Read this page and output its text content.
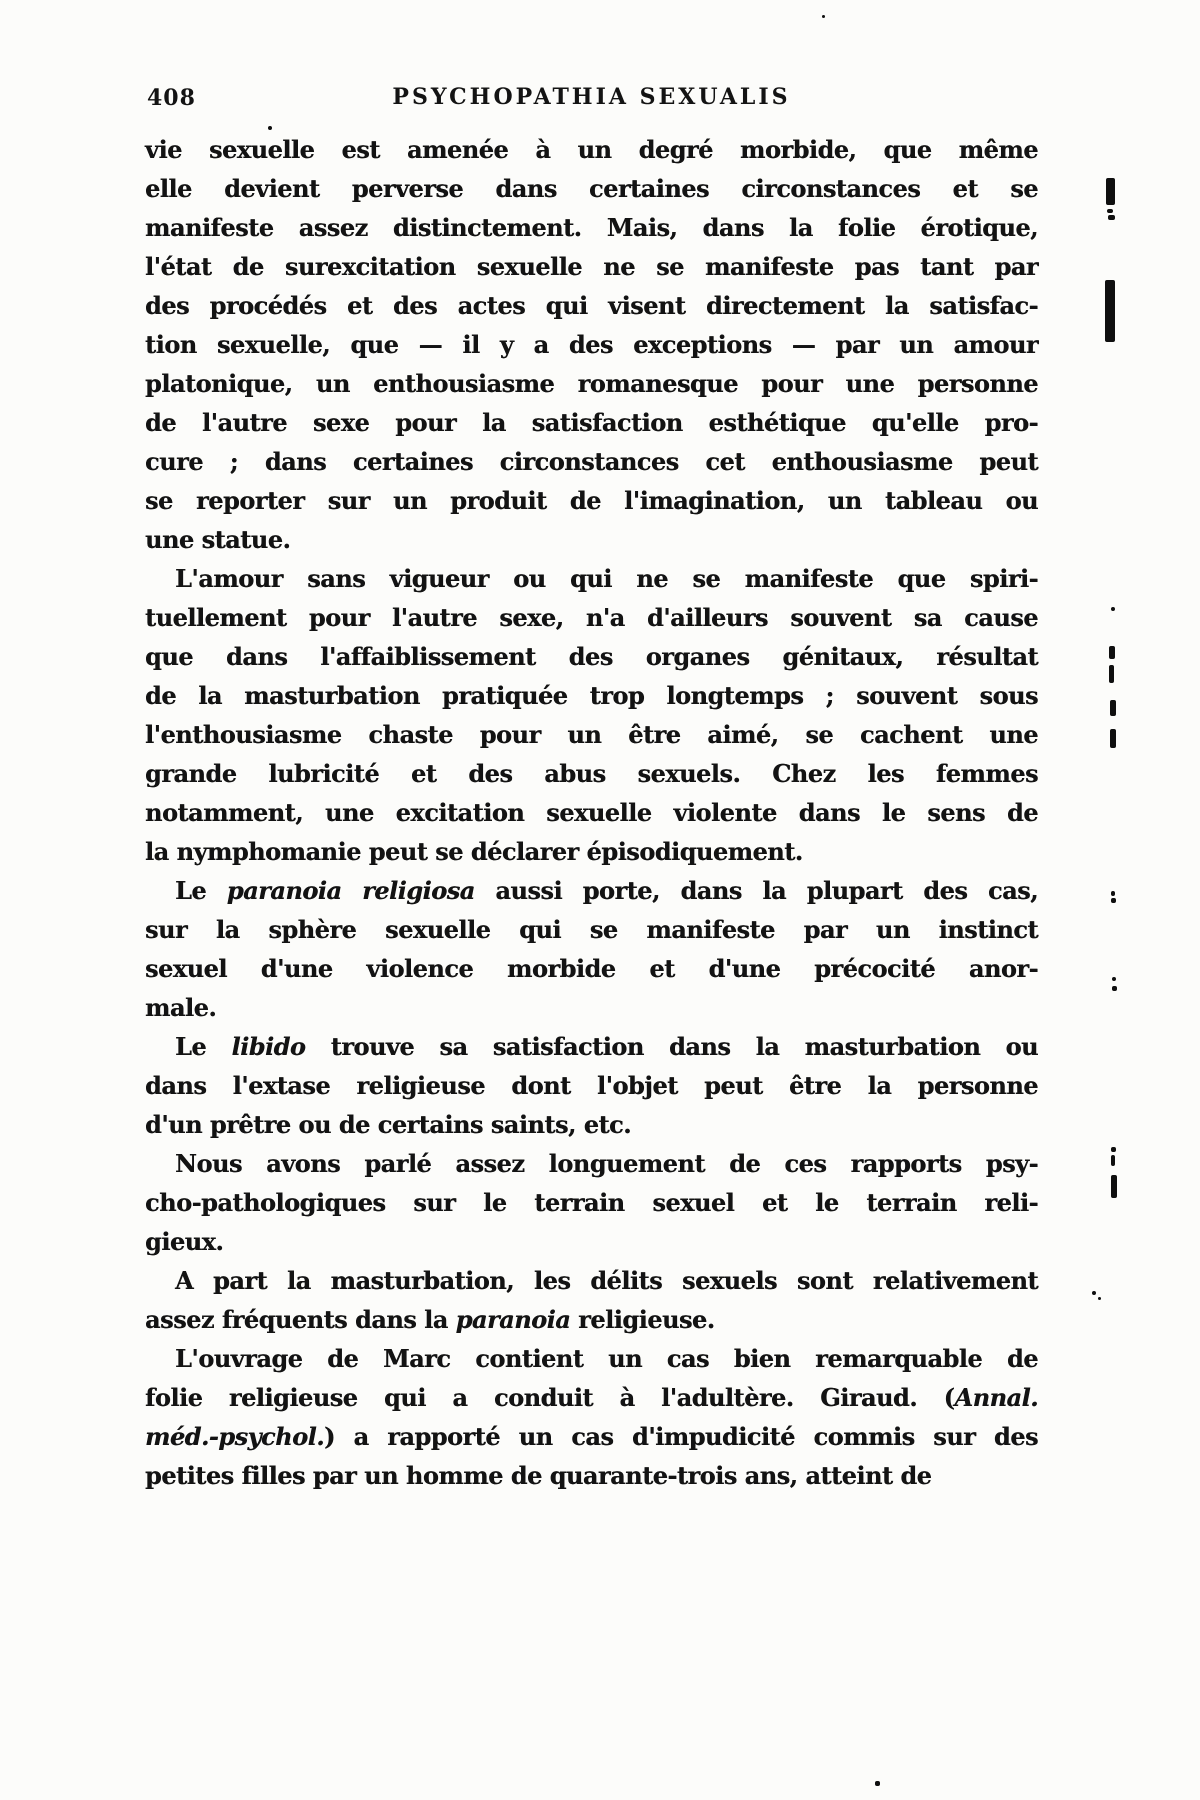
408	PSYCHOPATHIA SEXUALIS
vie sexuelle est amenée à un degré morbide, que même
elle devient perverse dans certaines circonstances et se
manifeste assez distinctement. Mais, dans la folie érotique,
l'état de surexcitation sexuelle ne se manifeste pas tant par
des procédés et des actes qui visent directement la satisfac-
tion sexuelle, que — il y a des exceptions — par un amour
platonique, un enthousiasme romanesque pour une personne
de l'autre sexe pour la satisfaction esthétique qu'elle pro-
cure ; dans certaines circonstances cet enthousiasme peut
se reporter sur un produit de l'imagination, un tableau ou
une statue.
L'amour sans vigueur ou qui ne se manifeste que spiri-
tuellement pour l'autre sexe, n'a d'ailleurs souvent sa cause
que dans l'affaiblissement des organes génitaux, résultat
de la masturbation pratiquée trop longtemps ; souvent sous
l'enthousiasme chaste pour un être aimé, se cachent une
grande lubricité et des abus sexuels. Chez les femmes
notamment, une excitation sexuelle violente dans le sens de
la nymphomanie peut se déclarer épisodiquement.
Le paranoia religiosa aussi porte, dans la plupart des cas,
sur la sphère sexuelle qui se manifeste par un instinct
sexuel d'une violence morbide et d'une précocité anor-
male.
Le libido trouve sa satisfaction dans la masturbation ou
dans l'extase religieuse dont l'objet peut être la personne
d'un prêtre ou de certains saints, etc.
Nous avons parlé assez longuement de ces rapports psy-
cho-pathologiques sur le terrain sexuel et le terrain reli-
gieux.
A part la masturbation, les délits sexuels sont relativement
assez fréquents dans la paranoia religieuse.
L'ouvrage de Marc contient un cas bien remarquable de
folie religieuse qui a conduit à l'adultère. Giraud. (Annal.
méd.-psychol.) a rapporté un cas d'impudicité commis sur des
petites filles par un homme de quarante-trois ans, atteint de
